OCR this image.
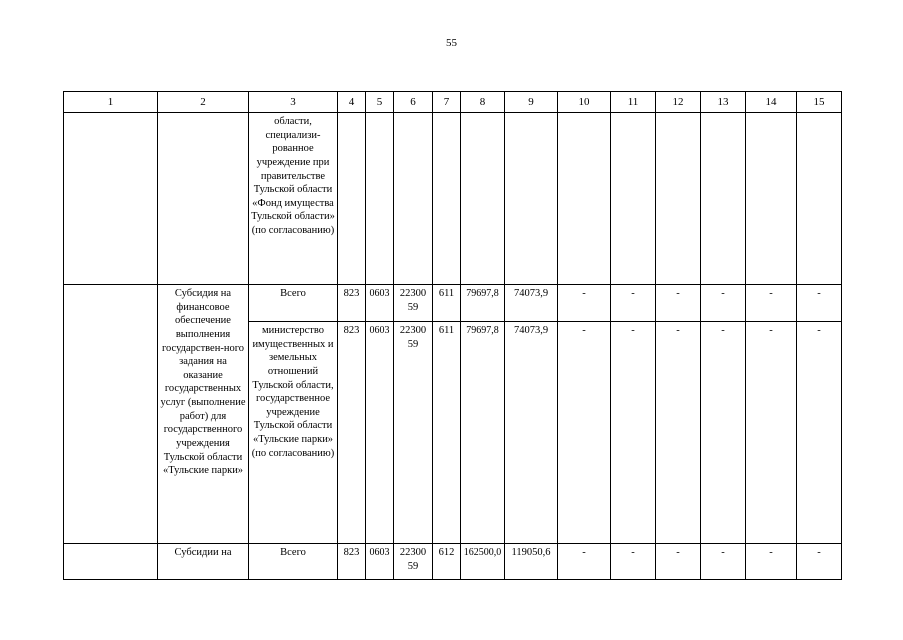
55
1	2	3	4	5	6	7	8	9	10	11	12	13	14	15
		области, специализи-рованное учреждение при правительстве Тульской области «Фонд имущества Тульской области» (по согласованию)												
	Субсидия на финансовое обеспечение выполнения государствен-ного задания на оказание государственных услуг (выполнение работ) для государственного учреждения Тульской области «Тульские парки»	Всего	823	0603	22300 59	611	79697,8	74073,9	-	-	-	-	-	-
		министерство имущественных и земельных отношений Тульской области, государственное учреждение Тульской области «Тульские парки» (по согласованию)	823	0603	22300 59	611	79697,8	74073,9	-	-	-	-	-	-
	Субсидии на	Всего	823	0603	22300 59	612	162500,0	119050,6	-	-	-	-	-	-
